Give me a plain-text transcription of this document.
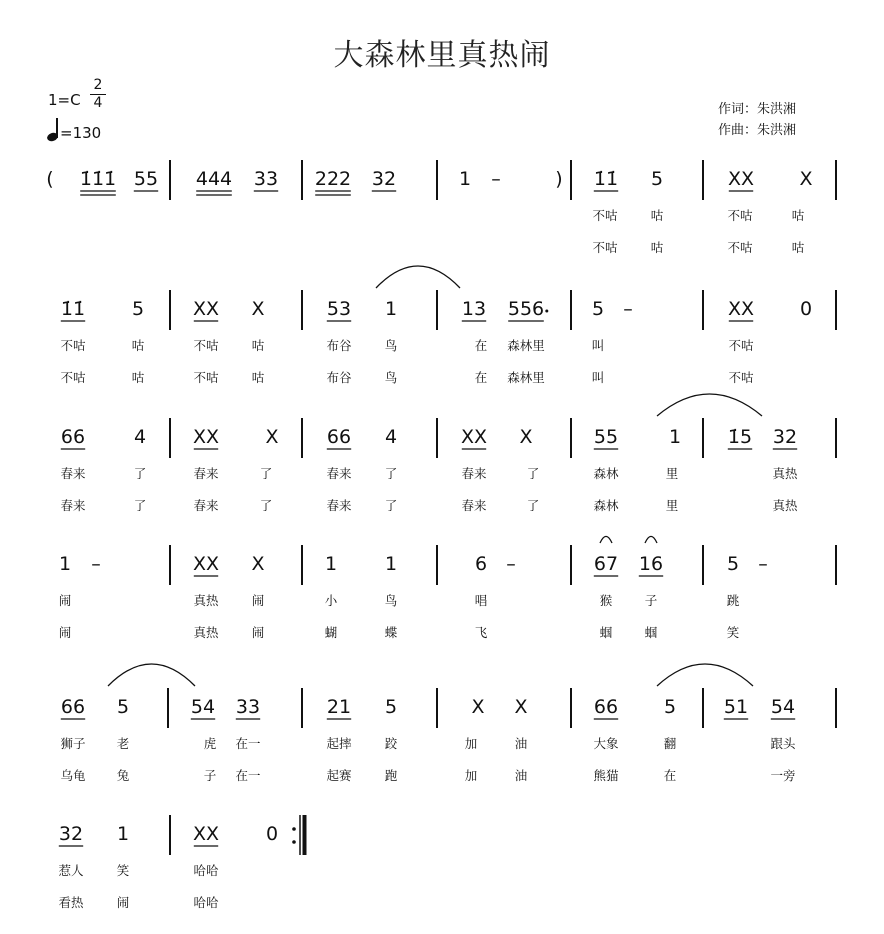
大森林里真热闹
1=C
2
4
=130
作词：朱洪湘
作曲：朱洪湘
( 1̇1̇1̇ 55 444 33 222 32	1 –	) 1̇1̇ 5	XX X
不咕	咕	不咕	咕
不咕	咕	不咕	咕
1̇1̇ 5	XX X	53 1	13 556	5 –	XX 0
不咕	咕	不咕	咕	布谷	鸟	在 森林里	叫	不咕
不咕	咕	不咕	咕	布谷	鸟	在 森林里	叫	不咕
66	4 XX X	66 4	XX X	55	1 1̇5 32
春来	了	春来	了	春来	了	春来	了	森林	里	真热
春来	了	春来	了	春来	了	春来	了	森林	里	真热
1 –	XX X	1	1	6 –	67 16	5 –
闹	真热	闹	小	鸟	唱	猴	子	跳
闹	真热	闹	蝴	蝶	飞	蝈	蝈	笑
66 5	54 33	21 5	X X	66 5	51 54
狮子 老	虎 在一	起摔	跤	加	油	大象	翻	跟头
乌龟 兔	子 在一	起赛	跑	加	油	熊猫	在	一旁
32 1	XX 0
惹人	笑	哈哈
看热	闹	哈哈
